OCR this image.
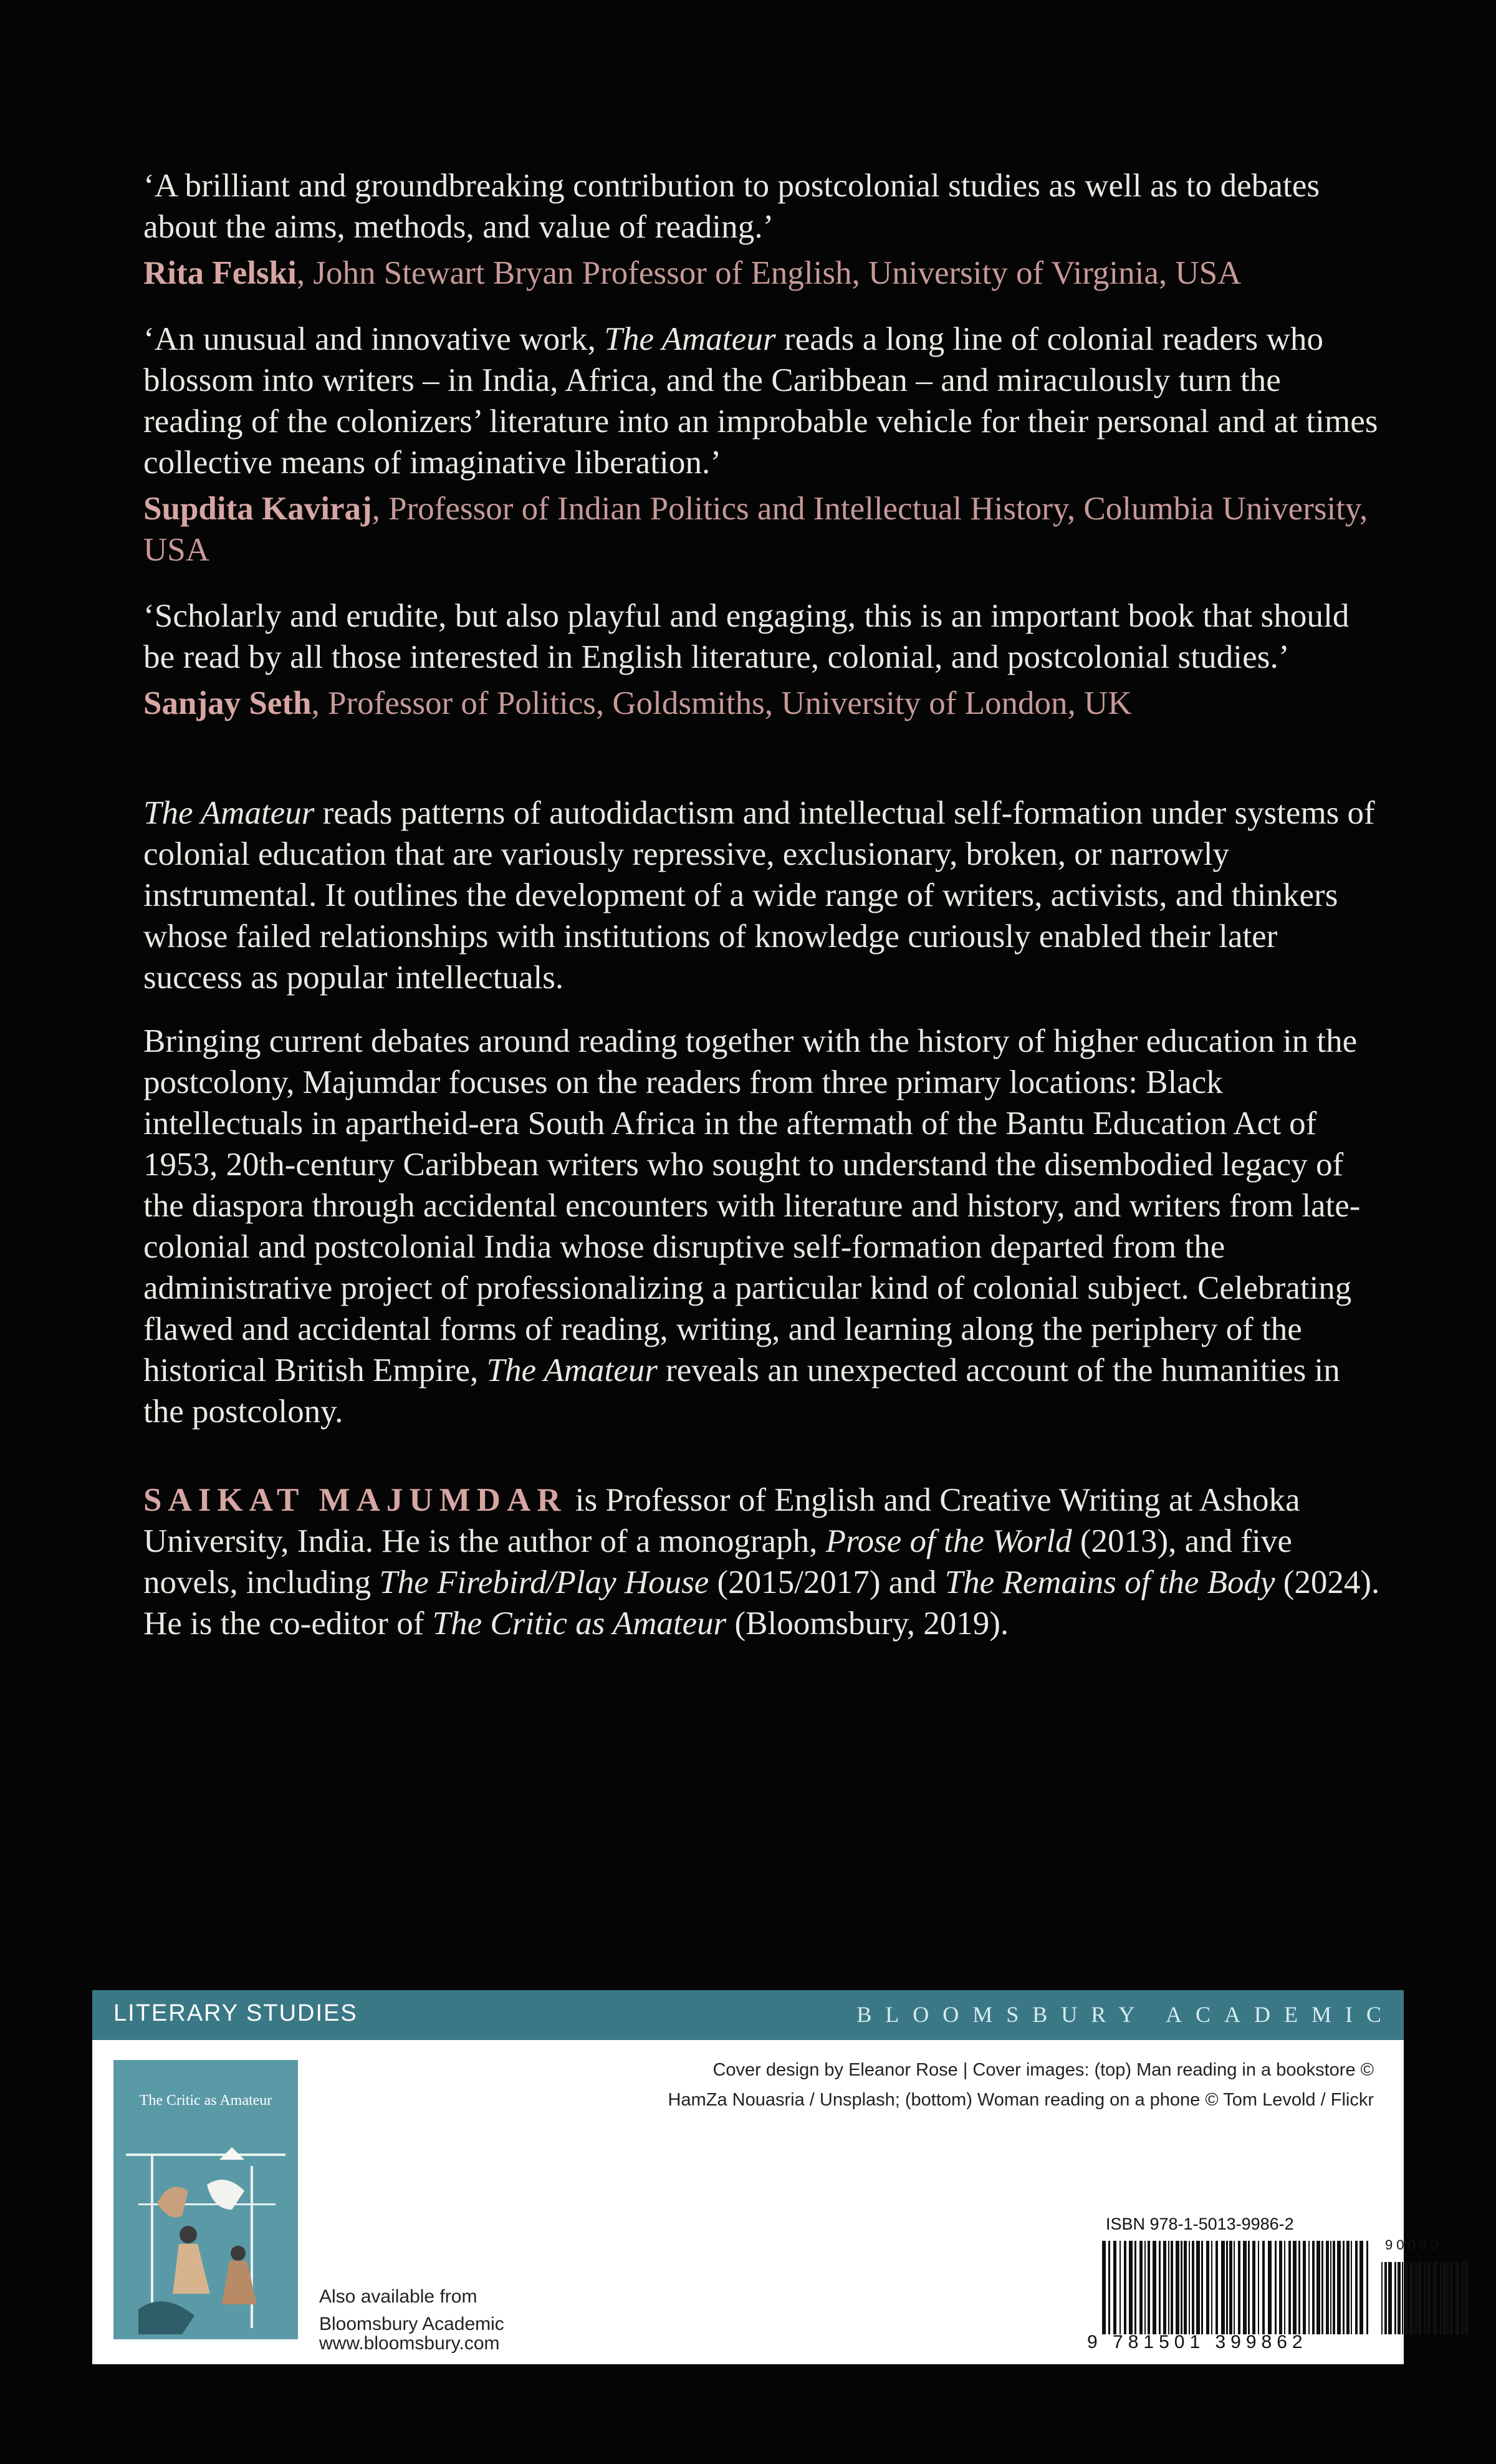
‘A brilliant and groundbreaking contribution to postcolonial studies as well as to debates about the aims, methods, and value of reading.’

Rita Felski, John Stewart Bryan Professor of English, University of Virginia, USA

‘An unusual and innovative work, The Amateur reads a long line of colonial readers who blossom into writers – in India, Africa, and the Caribbean – and miraculously turn the reading of the colonizers’ literature into an improbable vehicle for their personal and at times collective means of imaginative liberation.’

Supdita Kaviraj, Professor of Indian Politics and Intellectual History, Columbia University, USA

‘Scholarly and erudite, but also playful and engaging, this is an important book that should be read by all those interested in English literature, colonial, and postcolonial studies.’

Sanjay Seth, Professor of Politics, Goldsmiths, University of London, UK

The Amateur reads patterns of autodidactism and intellectual self-formation under systems of colonial education that are variously repressive, exclusionary, broken, or narrowly instrumental. It outlines the development of a wide range of writers, activists, and thinkers whose failed relationships with institutions of knowledge curiously enabled their later success as popular intellectuals.

Bringing current debates around reading together with the history of higher education in the postcolony, Majumdar focuses on the readers from three primary locations: Black intellectuals in apartheid-era South Africa in the aftermath of the Bantu Education Act of 1953, 20th-century Caribbean writers who sought to understand the disembodied legacy of the diaspora through accidental encounters with literature and history, and writers from late-colonial and postcolonial India whose disruptive self-formation departed from the administrative project of professionalizing a particular kind of colonial subject. Celebrating flawed and accidental forms of reading, writing, and learning along the periphery of the historical British Empire, The Amateur reveals an unexpected account of the humanities in the postcolony.

SAIKAT MAJUMDAR is Professor of English and Creative Writing at Ashoka University, India. He is the author of a monograph, Prose of the World (2013), and five novels, including The Firebird/Play House (2015/2017) and The Remains of the Body (2024). He is the co-editor of The Critic as Amateur (Bloomsbury, 2019).

LITERARY STUDIES	BLOOMSBURY ACADEMIC

The Critic as Amateur
Also available from
Bloomsbury Academic
www.bloomsbury.com
Cover design by Eleanor Rose | Cover images: (top) Man reading in a bookstore © HamZa Nouasria / Unsplash; (bottom) Woman reading on a phone © Tom Levold / Flickr
ISBN 978-1-5013-9986-2
90000
9 781501 399862
